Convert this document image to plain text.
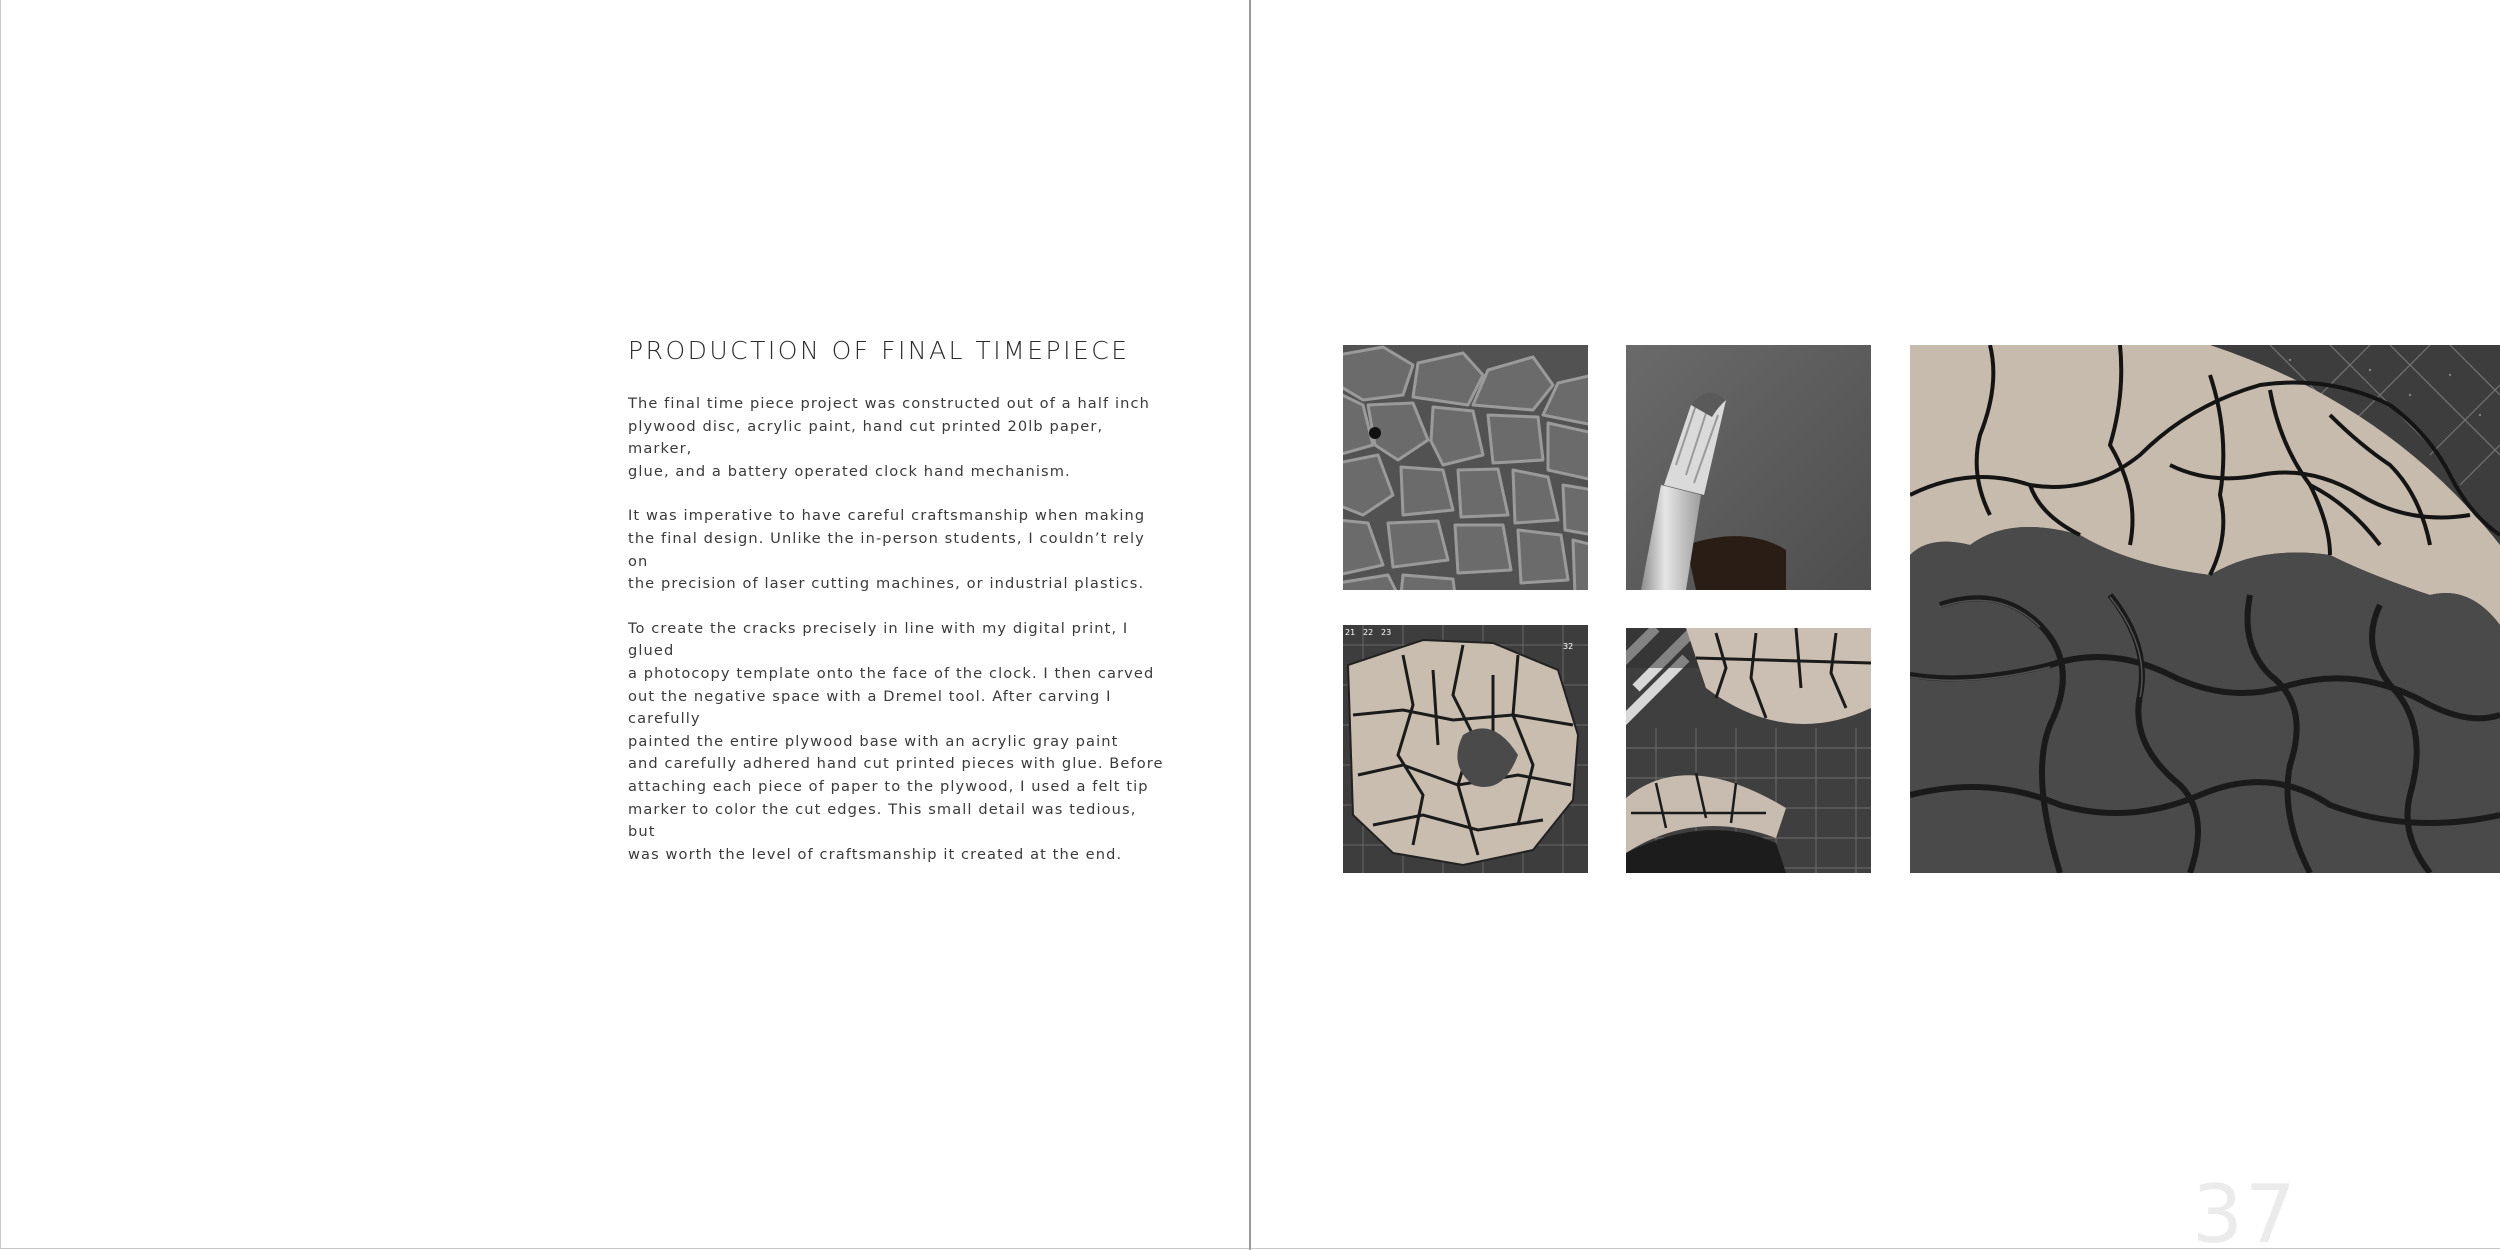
PRODUCTION OF FINAL TIMEPIECE

The final time piece project was constructed out of a half inch
plywood disc, acrylic paint, hand cut printed 20lb paper, marker,
glue, and a battery operated clock hand mechanism.

It was imperative to have careful craftsmanship when making
the final design. Unlike the in-person students, I couldn’t rely on
the precision of laser cutting machines, or industrial plastics.

To create the cracks precisely in line with my digital print, I glued
a photocopy template onto the face of the clock. I then carved
out the negative space with a Dremel tool. After carving I carefully
painted the entire plywood base with an acrylic gray paint
and carefully adhered hand cut printed pieces with glue. Before
attaching each piece of paper to the plywood, I used a felt tip
marker to color the cut edges. This small detail was tedious, but
was worth the level of craftsmanship it created at the end.

21 22 23
32
37
